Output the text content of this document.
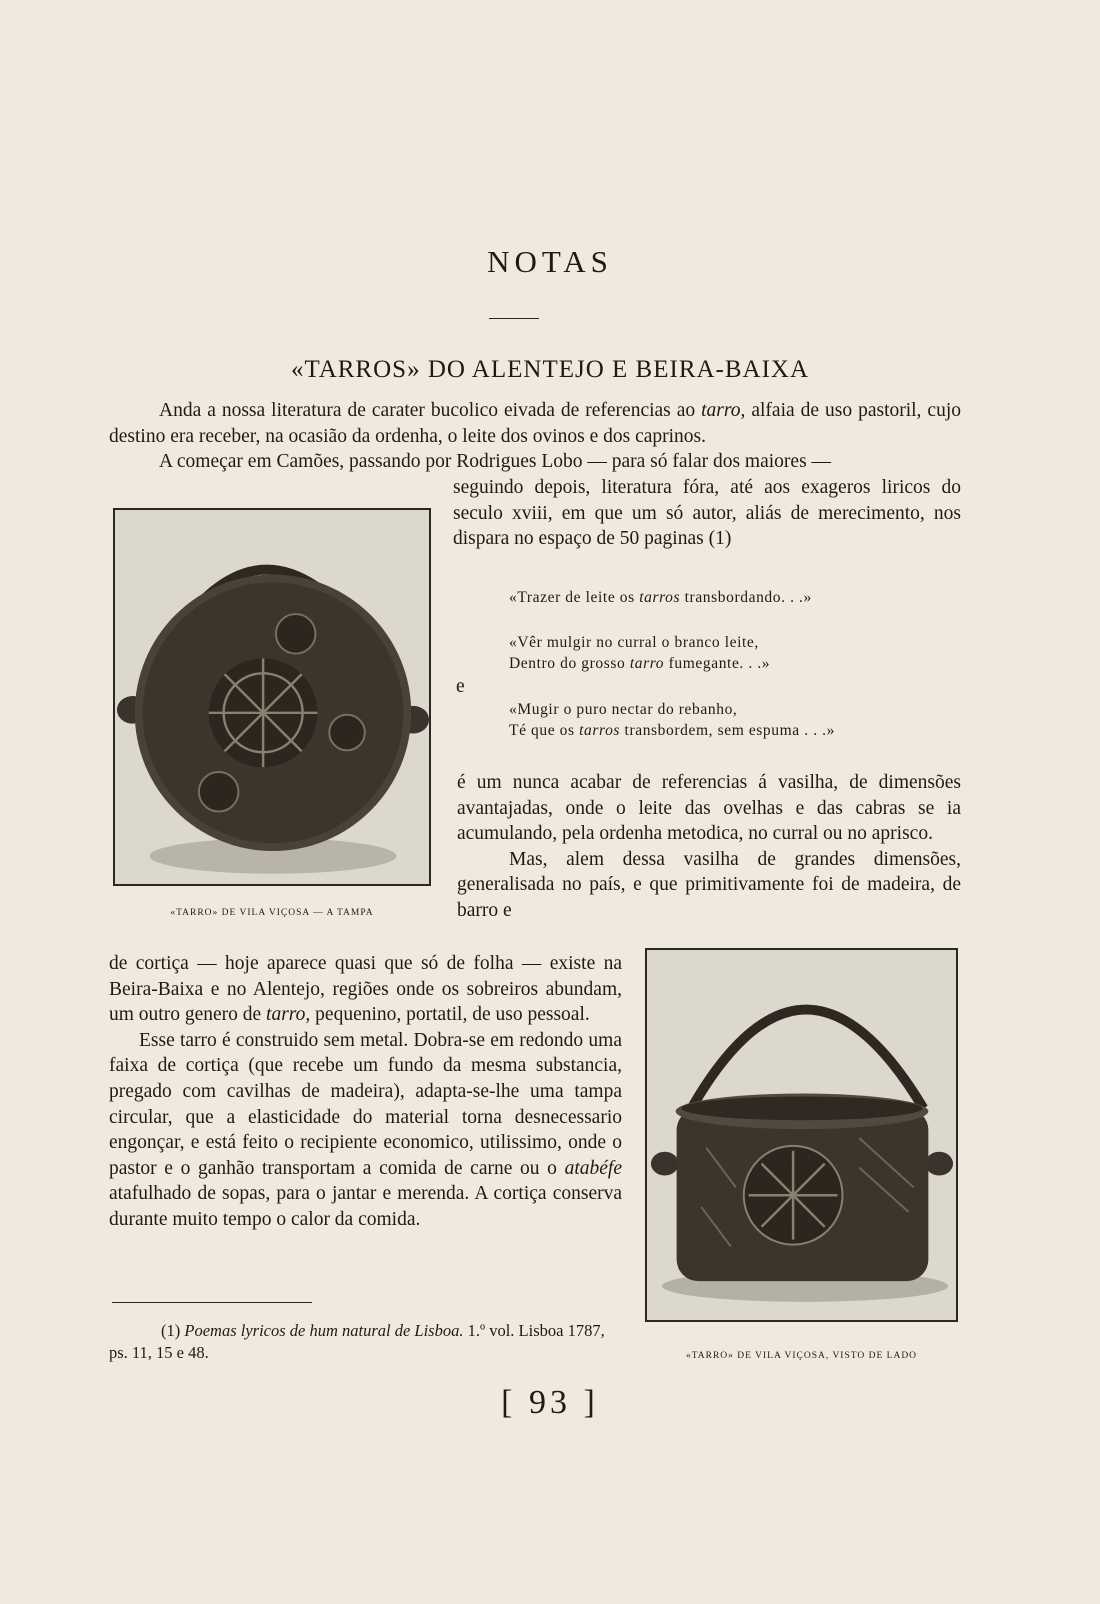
NOTAS
«TARROS» DO ALENTEJO E BEIRA-BAIXA
Anda a nossa literatura de carater bucolico eivada de referencias ao tarro, alfaia de uso pastoril, cujo destino era receber, na ocasião da ordenha, o leite dos ovinos e dos caprinos.
A começar em Camões, passando por Rodrigues Lobo — para só falar dos maiores —
«TARRO» DE VILA VIÇOSA — A TAMPA
seguindo depois, literatura fóra, até aos exageros liricos do seculo xviii, em que um só autor, aliás de merecimento, nos dispara no espaço de 50 paginas (1)
«Trazer de leite os tarros transbordando. . .»
«Vêr mulgir no curral o branco leite,
Dentro do grosso tarro fumegante. . .»
e
«Mugir o puro nectar do rebanho,
Té que os tarros transbordem, sem espuma . . .»
é um nunca acabar de referencias á vasilha, de dimensões avantajadas, onde o leite das ovelhas e das cabras se ia acumulando, pela ordenha metodica, no curral ou no aprisco.
Mas, alem dessa vasilha de grandes dimensões, generalisada no país, e que primitivamente foi de madeira, de barro e
de cortiça — hoje aparece quasi que só de folha — existe na Beira-Baixa e no Alentejo, regiões onde os sobreiros abundam, um outro genero de tarro, pequenino, portatil, de uso pessoal.
Esse tarro é construido sem metal. Dobra-se em redondo uma faixa de cortiça (que recebe um fundo da mesma substancia, pregado com cavilhas de madeira), adapta-se-lhe uma tampa circular, que a elasticidade do material torna desnecessario engonçar, e está feito o recipiente economico, utilissimo, onde o pastor e o ganhão transportam a comida de carne ou o atabéfe atafulhado de sopas, para o jantar e merenda. A cortiça conserva durante muito tempo o calor da comida.
«TARRO» DE VILA VIÇOSA, VISTO DE LADO
(1) Poemas lyricos de hum natural de Lisboa. 1.º vol. Lisboa 1787, ps. 11, 15 e 48.
[ 93 ]
